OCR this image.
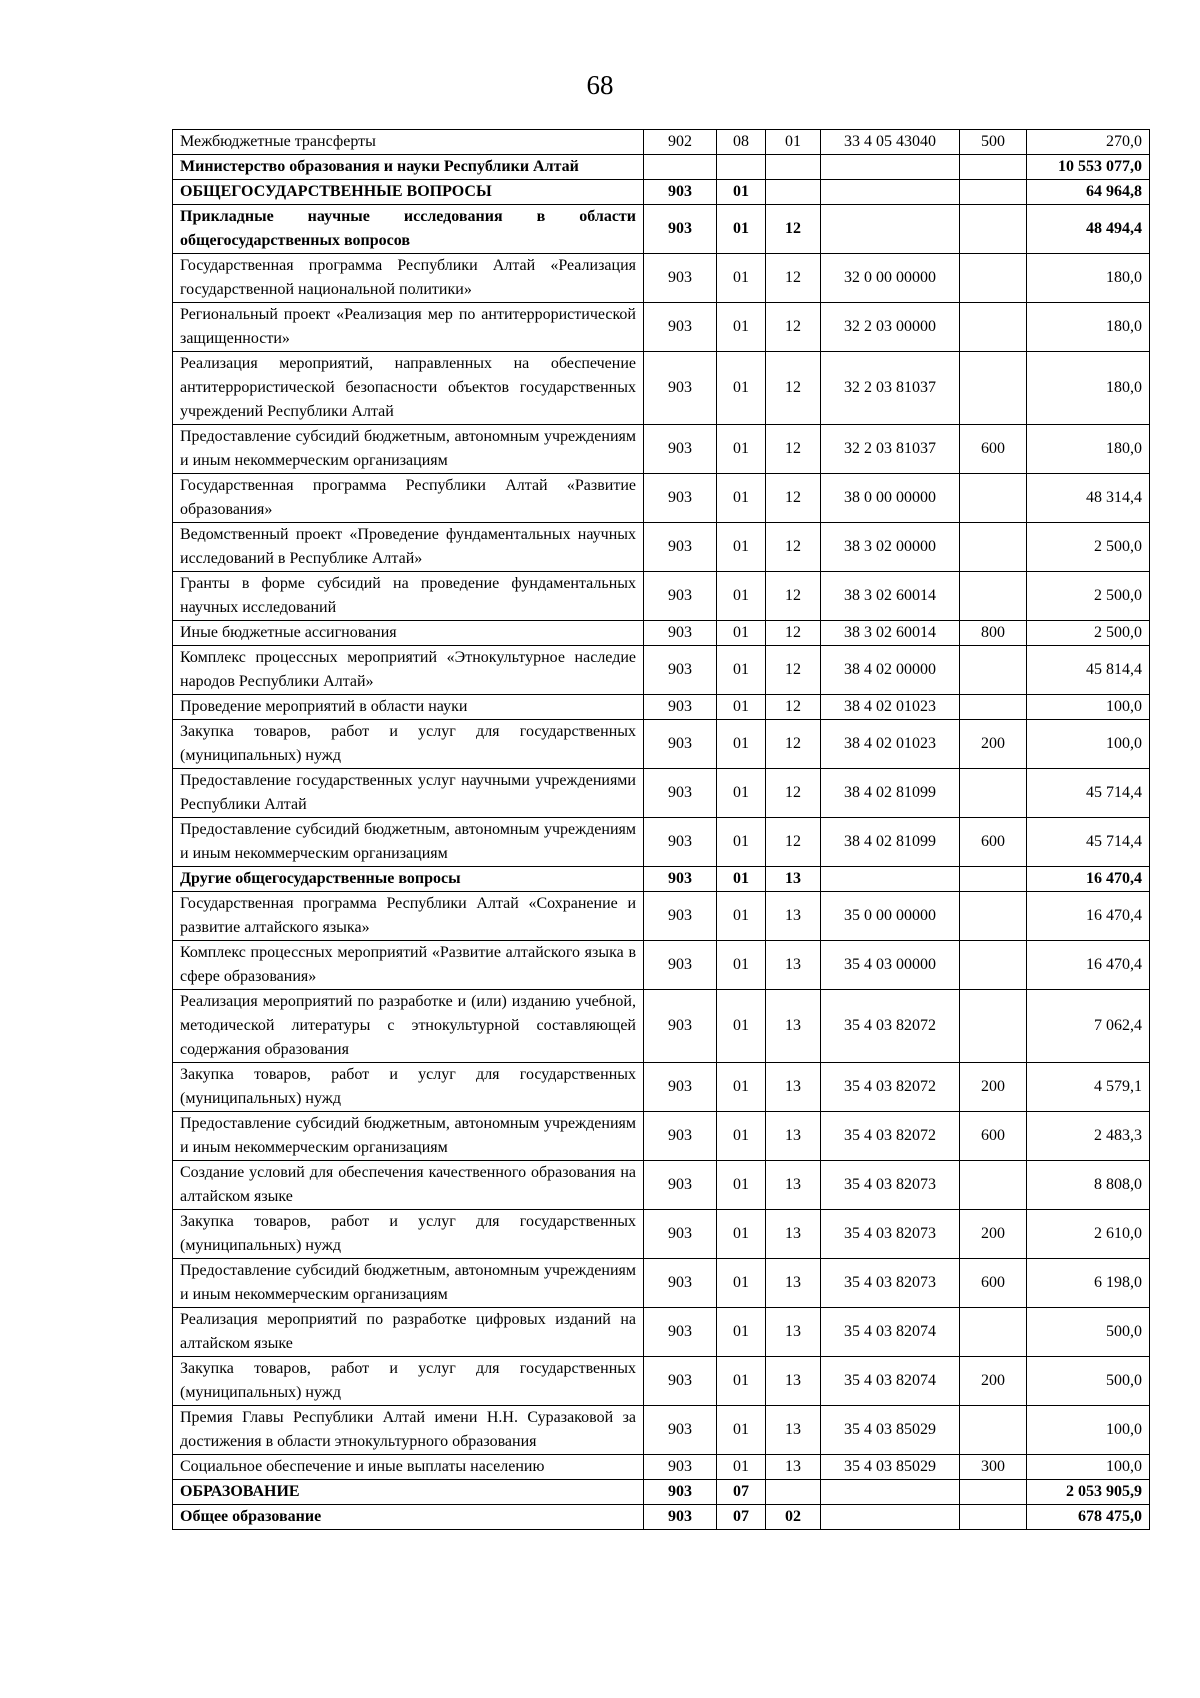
68
Межбюджетные трансферты	902	08	01	33 4 05 43040	500	270,0
Министерство образования и науки Республики Алтай						10 553 077,0
ОБЩЕГОСУДАРСТВЕННЫЕ ВОПРОСЫ	903	01				64 964,8
Прикладные научные исследования в области общегосударственных вопросов	903	01	12			48 494,4
Государственная программа Республики Алтай «Реализация государственной национальной политики»	903	01	12	32 0 00 00000		180,0
Региональный проект «Реализация мер по антитеррористической защищенности»	903	01	12	32 2 03 00000		180,0
Реализация мероприятий, направленных на обеспечение антитеррористической безопасности объектов государственных учреждений Республики Алтай	903	01	12	32 2 03 81037		180,0
Предоставление субсидий бюджетным, автономным учреждениям и иным некоммерческим организациям	903	01	12	32 2 03 81037	600	180,0
Государственная программа Республики Алтай «Развитие образования»	903	01	12	38 0 00 00000		48 314,4
Ведомственный проект «Проведение фундаментальных научных исследований в Республике Алтай»	903	01	12	38 3 02 00000		2 500,0
Гранты в форме субсидий на проведение фундаментальных научных исследований	903	01	12	38 3 02 60014		2 500,0
Иные бюджетные ассигнования	903	01	12	38 3 02 60014	800	2 500,0
Комплекс процессных мероприятий «Этнокультурное наследие народов Республики Алтай»	903	01	12	38 4 02 00000		45 814,4
Проведение мероприятий в области науки	903	01	12	38 4 02 01023		100,0
Закупка товаров, работ и услуг для государственных (муниципальных) нужд	903	01	12	38 4 02 01023	200	100,0
Предоставление государственных услуг научными учреждениями Республики Алтай	903	01	12	38 4 02 81099		45 714,4
Предоставление субсидий бюджетным, автономным учреждениям и иным некоммерческим организациям	903	01	12	38 4 02 81099	600	45 714,4
Другие общегосударственные вопросы	903	01	13			16 470,4
Государственная программа Республики Алтай «Сохранение и развитие алтайского языка»	903	01	13	35 0 00 00000		16 470,4
Комплекс процессных мероприятий «Развитие алтайского языка в сфере образования»	903	01	13	35 4 03 00000		16 470,4
Реализация мероприятий по разработке и (или) изданию учебной, методической литературы с этнокультурной составляющей содержания образования	903	01	13	35 4 03 82072		7 062,4
Закупка товаров, работ и услуг для государственных (муниципальных) нужд	903	01	13	35 4 03 82072	200	4 579,1
Предоставление субсидий бюджетным, автономным учреждениям и иным некоммерческим организациям	903	01	13	35 4 03 82072	600	2 483,3
Создание условий для обеспечения качественного образования на алтайском языке	903	01	13	35 4 03 82073		8 808,0
Закупка товаров, работ и услуг для государственных (муниципальных) нужд	903	01	13	35 4 03 82073	200	2 610,0
Предоставление субсидий бюджетным, автономным учреждениям и иным некоммерческим организациям	903	01	13	35 4 03 82073	600	6 198,0
Реализация мероприятий по разработке цифровых изданий на алтайском языке	903	01	13	35 4 03 82074		500,0
Закупка товаров, работ и услуг для государственных (муниципальных) нужд	903	01	13	35 4 03 82074	200	500,0
Премия Главы Республики Алтай имени Н.Н. Суразаковой за достижения в области этнокультурного образования	903	01	13	35 4 03 85029		100,0
Социальное обеспечение и иные выплаты населению	903	01	13	35 4 03 85029	300	100,0
ОБРАЗОВАНИЕ	903	07				2 053 905,9
Общее образование	903	07	02			678 475,0
